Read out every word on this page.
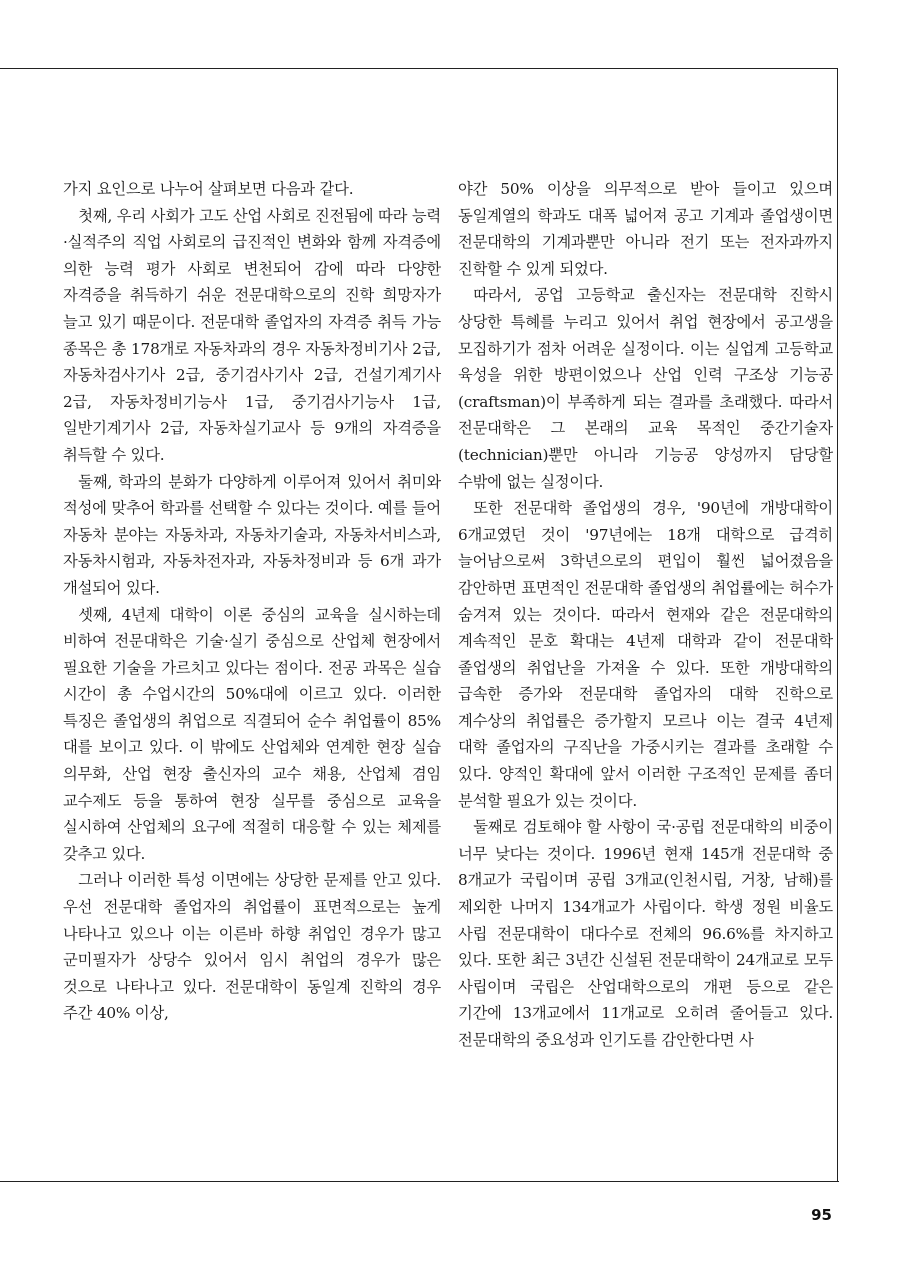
가지 요인으로 나누어 살펴보면 다음과 같다.

첫째, 우리 사회가 고도 산업 사회로 진전됨에 따라 능력·실적주의 직업 사회로의 급진적인 변화와 함께 자격증에 의한 능력 평가 사회로 변천되어 감에 따라 다양한 자격증을 취득하기 쉬운 전문대학으로의 진학 희망자가 늘고 있기 때문이다. 전문대학 졸업자의 자격증 취득 가능 종목은 총 178개로 자동차과의 경우 자동차정비기사 2급, 자동차검사기사 2급, 중기검사기사 2급, 건설기계기사 2급, 자동차정비기능사 1급, 중기검사기능사 1급, 일반기계기사 2급, 자동차실기교사 등 9개의 자격증을 취득할 수 있다.

둘째, 학과의 분화가 다양하게 이루어져 있어서 취미와 적성에 맞추어 학과를 선택할 수 있다는 것이다. 예를 들어 자동차 분야는 자동차과, 자동차기술과, 자동차서비스과, 자동차시험과, 자동차전자과, 자동차정비과 등 6개 과가 개설되어 있다.

셋째, 4년제 대학이 이론 중심의 교육을 실시하는데 비하여 전문대학은 기술·실기 중심으로 산업체 현장에서 필요한 기술을 가르치고 있다는 점이다. 전공 과목은 실습 시간이 총 수업시간의 50%대에 이르고 있다. 이러한 특징은 졸업생의 취업으로 직결되어 순수 취업률이 85%대를 보이고 있다. 이 밖에도 산업체와 연계한 현장 실습 의무화, 산업 현장 출신자의 교수 채용, 산업체 겸임 교수제도 등을 통하여 현장 실무를 중심으로 교육을 실시하여 산업체의 요구에 적절히 대응할 수 있는 체제를 갖추고 있다.

그러나 이러한 특성 이면에는 상당한 문제를 안고 있다. 우선 전문대학 졸업자의 취업률이 표면적으로는 높게 나타나고 있으나 이는 이른바 하향 취업인 경우가 많고 군미필자가 상당수 있어서 임시 취업의 경우가 많은 것으로 나타나고 있다. 전문대학이 동일계 진학의 경우 주간 40% 이상,

야간 50% 이상을 의무적으로 받아 들이고 있으며 동일계열의 학과도 대폭 넓어져 공고 기계과 졸업생이면 전문대학의 기계과뿐만 아니라 전기 또는 전자과까지 진학할 수 있게 되었다.

따라서, 공업 고등학교 출신자는 전문대학 진학시 상당한 특혜를 누리고 있어서 취업 현장에서 공고생을 모집하기가 점차 어려운 실정이다. 이는 실업계 고등학교 육성을 위한 방편이었으나 산업 인력 구조상 기능공(craftsman)이 부족하게 되는 결과를 초래했다. 따라서 전문대학은 그 본래의 교육 목적인 중간기술자(technician)뿐만 아니라 기능공 양성까지 담당할 수밖에 없는 실정이다.

또한 전문대학 졸업생의 경우, '90년에 개방대학이 6개교였던 것이 '97년에는 18개 대학으로 급격히 늘어남으로써 3학년으로의 편입이 훨씬 넓어졌음을 감안하면 표면적인 전문대학 졸업생의 취업률에는 허수가 숨겨져 있는 것이다. 따라서 현재와 같은 전문대학의 계속적인 문호 확대는 4년제 대학과 같이 전문대학 졸업생의 취업난을 가져올 수 있다. 또한 개방대학의 급속한 증가와 전문대학 졸업자의 대학 진학으로 계수상의 취업률은 증가할지 모르나 이는 결국 4년제 대학 졸업자의 구직난을 가중시키는 결과를 초래할 수 있다. 양적인 확대에 앞서 이러한 구조적인 문제를 좀더 분석할 필요가 있는 것이다.

둘째로 검토해야 할 사항이 국·공립 전문대학의 비중이 너무 낮다는 것이다. 1996년 현재 145개 전문대학 중 8개교가 국립이며 공립 3개교(인천시립, 거창, 남해)를 제외한 나머지 134개교가 사립이다. 학생 정원 비율도 사립 전문대학이 대다수로 전체의 96.6%를 차지하고 있다. 또한 최근 3년간 신설된 전문대학이 24개교로 모두 사립이며 국립은 산업대학으로의 개편 등으로 같은 기간에 13개교에서 11개교로 오히려 줄어들고 있다. 전문대학의 중요성과 인기도를 감안한다면 사

95
